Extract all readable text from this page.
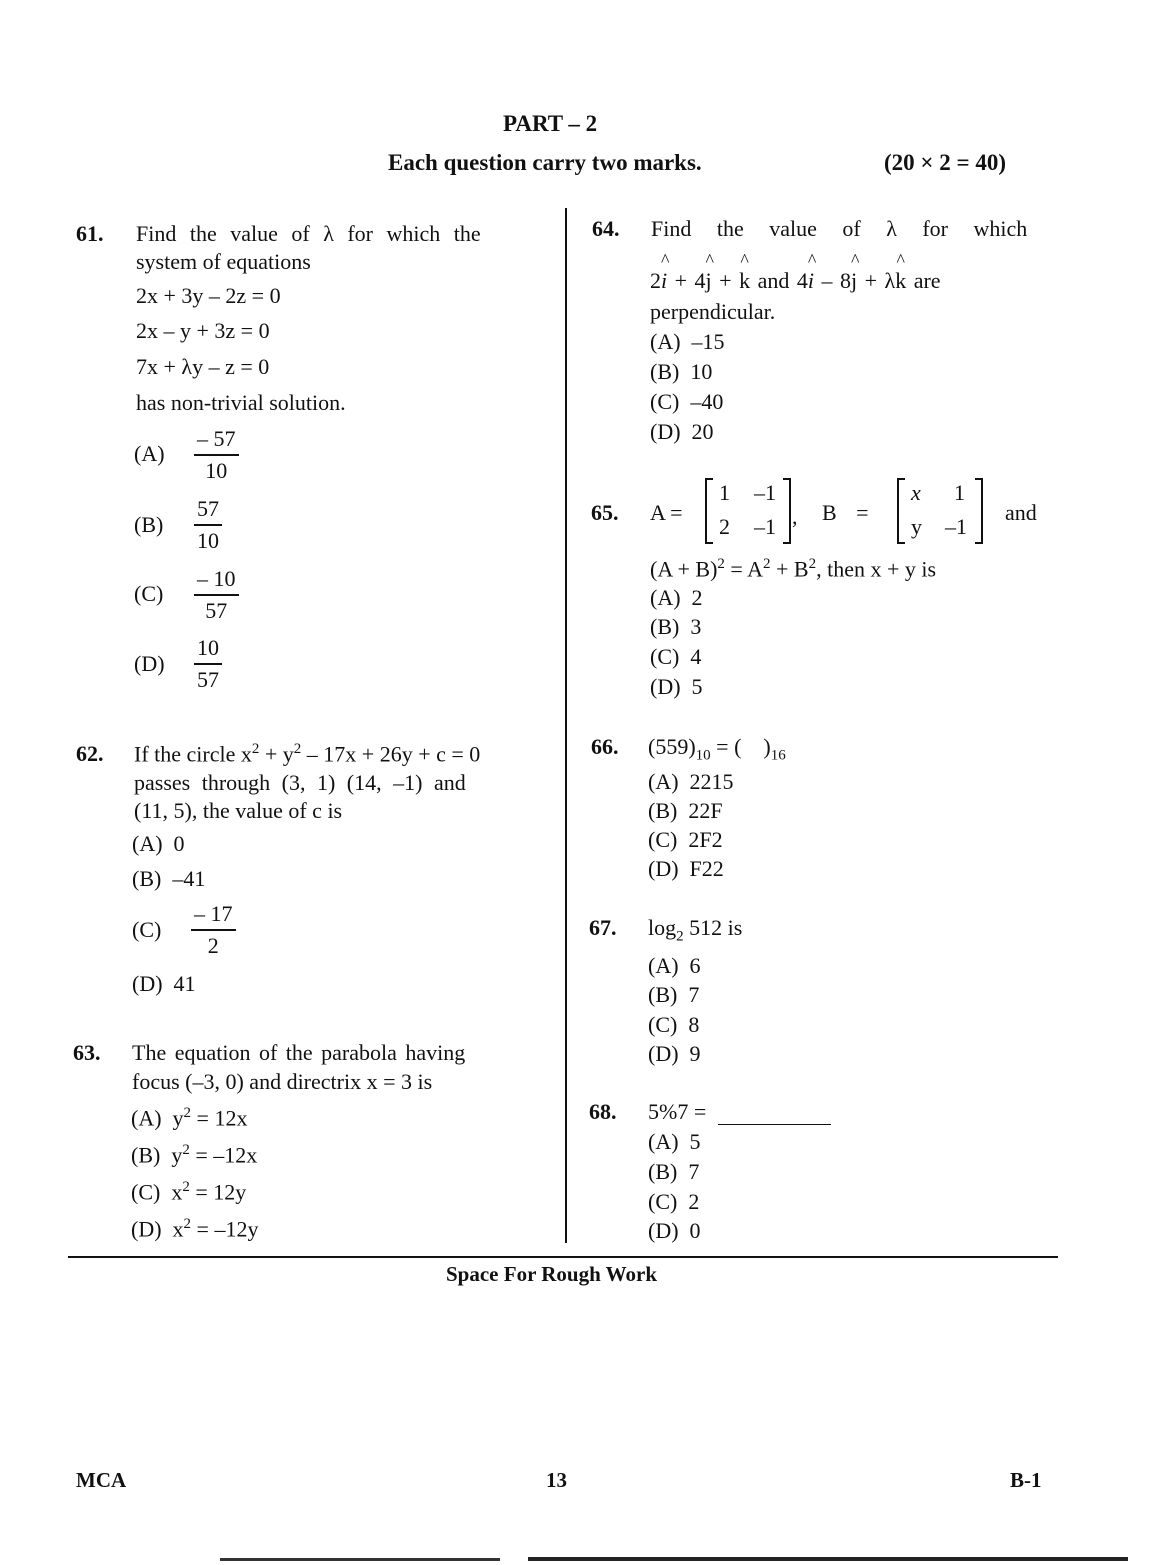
PART – 2
Each question carry two marks.	(20 × 2 = 40)
61. Find the value of λ for which the
system of equations
2x + 3y – 2z = 0
2x – y + 3z = 0
7x + λy – z = 0
has non-trivial solution.
$(A) \frac{- 57}{10}$
$(B) \frac{57}{10}$
$(C) \frac{- 10}{57}$
$(D) \frac{10}{57}$
62. If the circle $x^2 + y^2 - 17x + 26y + c = 0$
passes through (3, 1) (14, –1) and
(11, 5), the value of c is
(A) 0
(B) –41
$(C) \frac{- 17}{2}$
(D) 41
63. The equation of the parabola having
focus (–3, 0) and directrix x = 3 is
(A) $y^2 = 12x$
(B) $y^2 = -12x$
(C) $x^2 = 12y$
(D) $x^2 = -12y$
64. Find the value of λ for which
2
^
i + 4
^
j +
^
k and 4
^
i – 8
^
j + λ
^
k are
perpendicular.
(A) –15
(B) 10
(C) –40
(D) 20
65. A =
1 –1
2 –1 , B =
x 1
y –1
and
$(A + B)^2 = A^2 + B^2$, then x + y is
(A) 2
(B) 3
(C) 4
(D) 5
66. $(559)_{10}$ = (    )$_{16}$
(A) 2215
(B) 22F
(C) 2F2
(D) F22
67. $\log_2 512$ is
(A) 6
(B) 7
(C) 8
(D) 9
68. 5%7 =
(A) 5
(B) 7
(C) 2
(D) 0
Space For Rough Work
MCA	13	B-1
